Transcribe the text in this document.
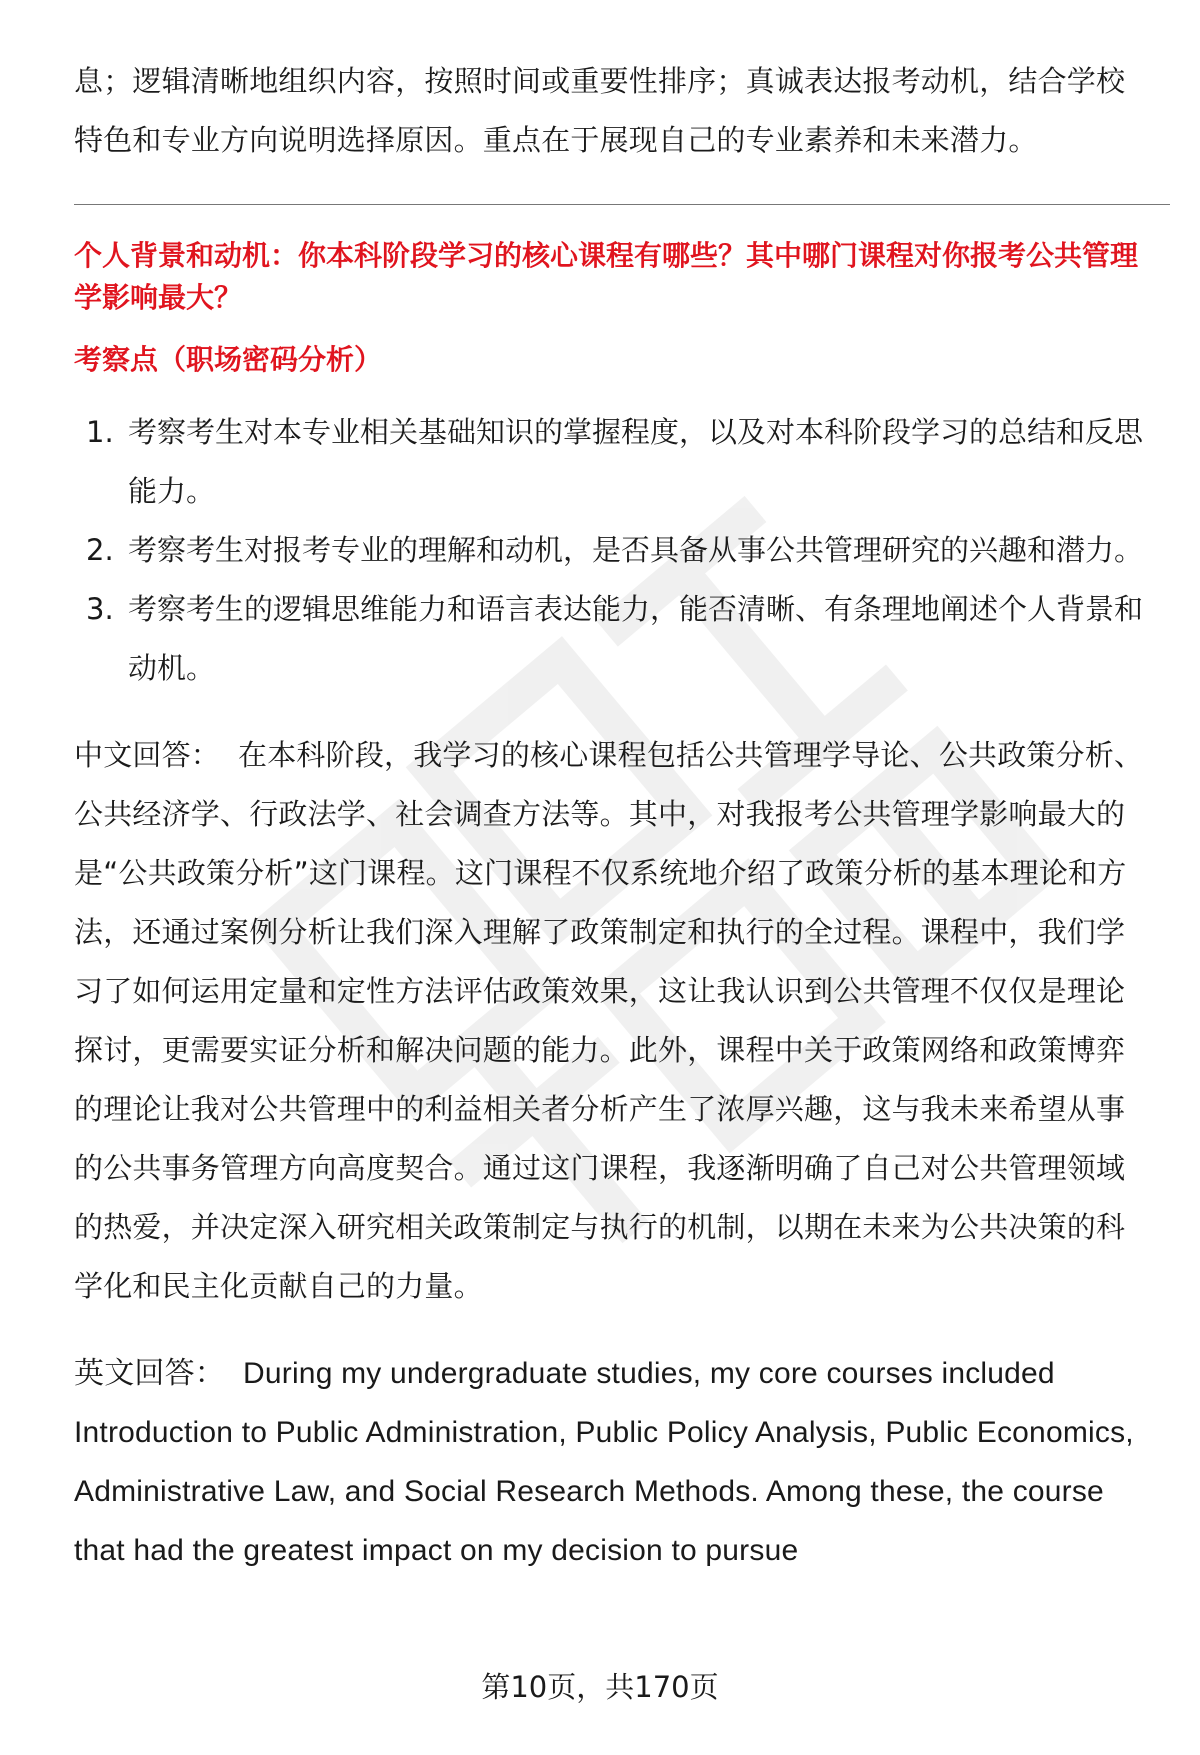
息；逻辑清晰地组织内容，按照时间或重要性排序；真诚表达报考动机，结合学校特色和专业方向说明选择原因。重点在于展现自己的专业素养和未来潜力。

个人背景和动机：你本科阶段学习的核心课程有哪些？其中哪门课程对你报考公共管理学影响最大？
考察点（职场密码分析）
1. 考察考生对本专业相关基础知识的掌握程度，以及对本科阶段学习的总结和反思能力。
2. 考察考生对报考专业的理解和动机，是否具备从事公共管理研究的兴趣和潜力。
3. 考察考生的逻辑思维能力和语言表达能力，能否清晰、有条理地阐述个人背景和动机。

中文回答： 在本科阶段，我学习的核心课程包括公共管理学导论、公共政策分析、公共经济学、行政法学、社会调查方法等。其中，对我报考公共管理学影响最大的是“公共政策分析”这门课程。这门课程不仅系统地介绍了政策分析的基本理论和方法，还通过案例分析让我们深入理解了政策制定和执行的全过程。课程中，我们学习了如何运用定量和定性方法评估政策效果，这让我认识到公共管理不仅仅是理论探讨，更需要实证分析和解决问题的能力。此外，课程中关于政策网络和政策博弈的理论让我对公共管理中的利益相关者分析产生了浓厚兴趣，这与我未来希望从事的公共事务管理方向高度契合。通过这门课程，我逐渐明确了自己对公共管理领域的热爱，并决定深入研究相关政策制定与执行的机制，以期在未来为公共决策的科学化和民主化贡献自己的力量。

英文回答： During my undergraduate studies, my core courses included Introduction to Public Administration, Public Policy Analysis, Public Economics, Administrative Law, and Social Research Methods. Among these, the course that had the greatest impact on my decision to pursue

第10页，共170页
